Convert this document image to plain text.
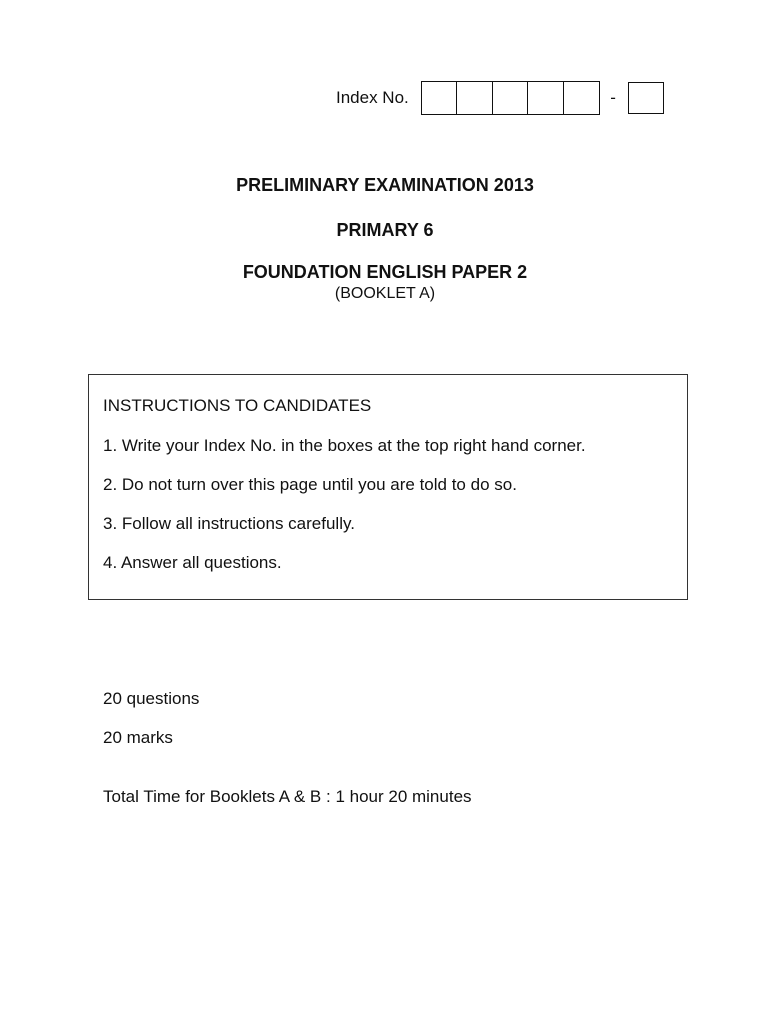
Index No.	-
PRELIMINARY EXAMINATION 2013
PRIMARY 6
FOUNDATION ENGLISH PAPER 2
(BOOKLET A)
INSTRUCTIONS TO CANDIDATES
1. Write your Index No. in the boxes at the top right hand corner.
2. Do not turn over this page until you are told to do so.
3. Follow all instructions carefully.
4. Answer all questions.
20 questions
20 marks
Total Time for Booklets A & B : 1 hour 20 minutes
